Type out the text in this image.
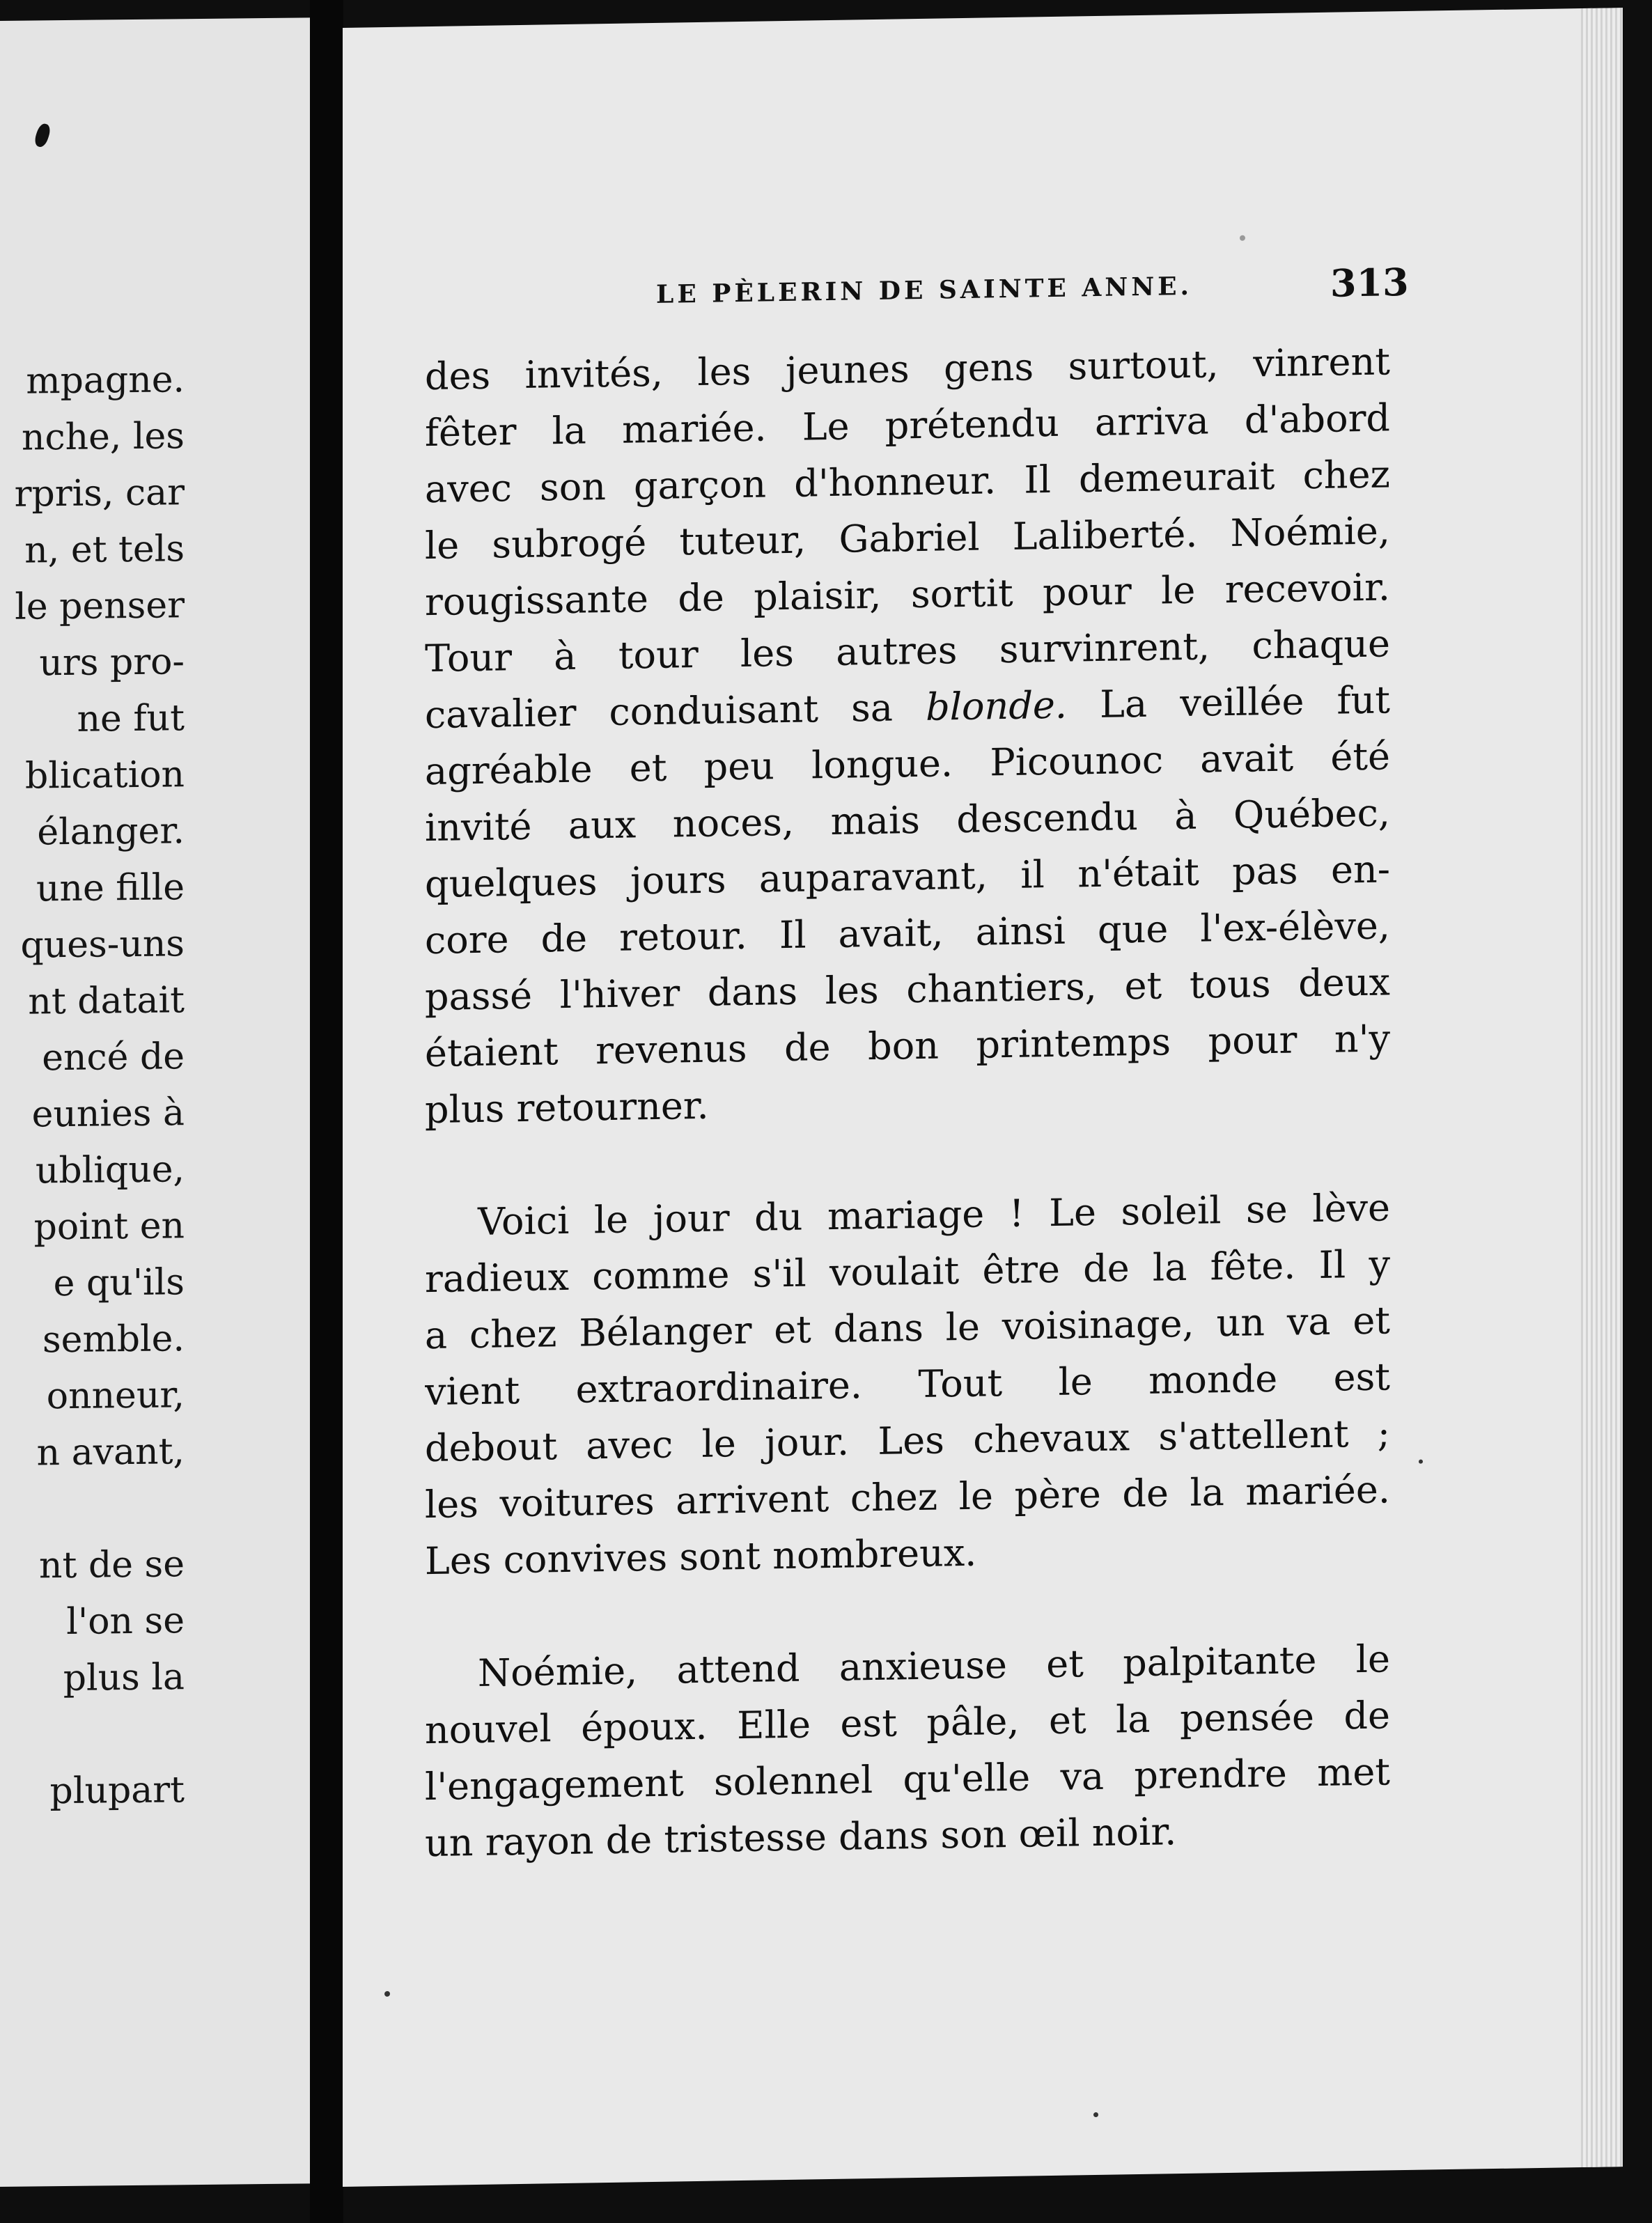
mpagne.
nche, les
rpris, car
n, et tels
le penser
urs pro-
ne fut
blication
élanger.
une fille
ques-uns
nt datait
encé de
eunies à
ublique,
point en
e qu'ils
semble.
onneur,
n avant,
nt de se
l'on se
plus la
plupart
LE PÈLERIN DE SAINTE ANNE.	313
des invités, les jeunes gens surtout, vinrent
fêter la mariée. Le prétendu arriva d'abord
avec son garçon d'honneur. Il demeurait chez
le subrogé tuteur, Gabriel Laliberté. Noémie,
rougissante de plaisir, sortit pour le recevoir.
Tour à tour les autres survinrent, chaque
cavalier conduisant sa blonde. La veillée fut
agréable et peu longue. Picounoc avait été
invité aux noces, mais descendu à Québec,
quelques jours auparavant, il n'était pas en-
core de retour. Il avait, ainsi que l'ex-élève,
passé l'hiver dans les chantiers, et tous deux
étaient revenus de bon printemps pour n'y
plus retourner.
Voici le jour du mariage ! Le soleil se lève
radieux comme s'il voulait être de la fête. Il y
a chez Bélanger et dans le voisinage, un va et
vient extraordinaire. Tout le monde est
debout avec le jour. Les chevaux s'attellent ;
les voitures arrivent chez le père de la mariée.
Les convives sont nombreux.
Noémie, attend anxieuse et palpitante le
nouvel époux. Elle est pâle, et la pensée de
l'engagement solennel qu'elle va prendre met
un rayon de tristesse dans son œil noir.
